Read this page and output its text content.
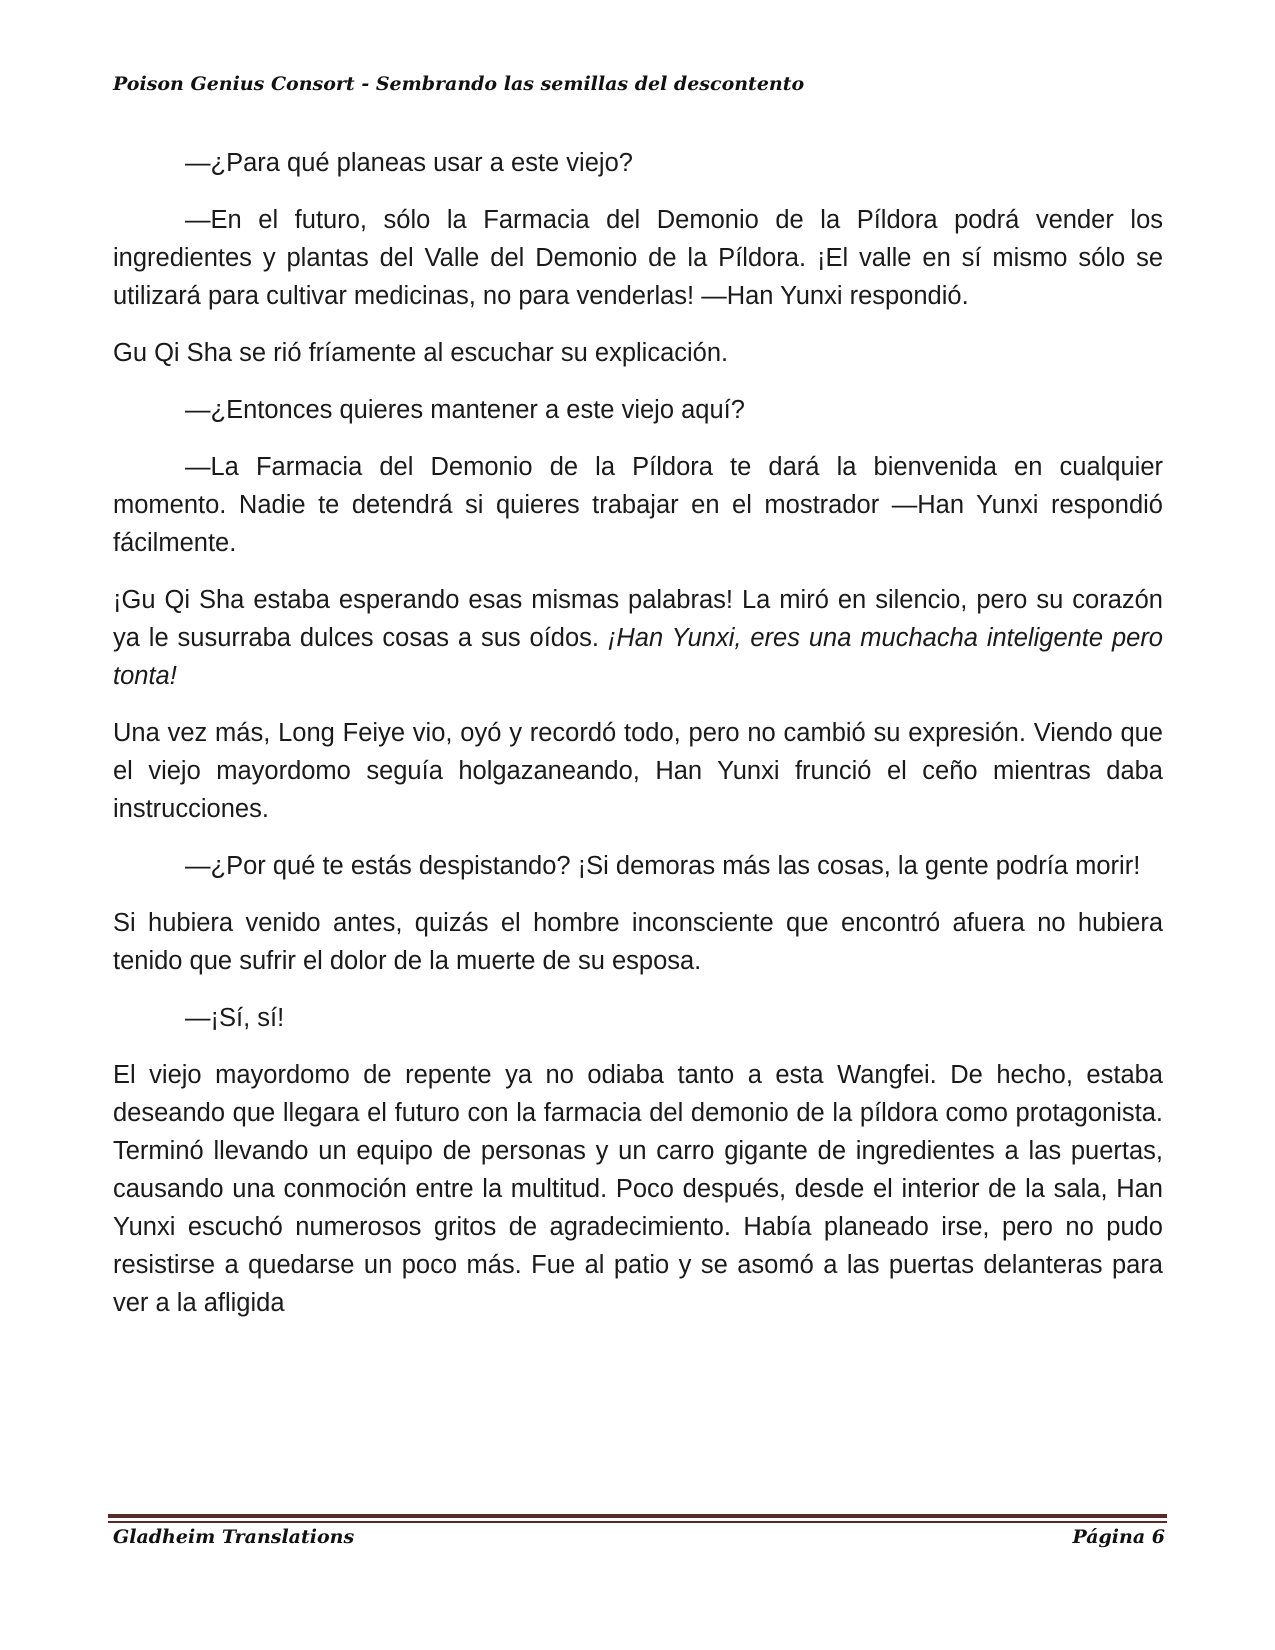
Poison Genius Consort - Sembrando las semillas del descontento

—¿Para qué planeas usar a este viejo?

—En el futuro, sólo la Farmacia del Demonio de la Píldora podrá vender los ingredientes y plantas del Valle del Demonio de la Píldora. ¡El valle en sí mismo sólo se utilizará para cultivar medicinas, no para venderlas! —Han Yunxi respondió.

Gu Qi Sha se rió fríamente al escuchar su explicación.

—¿Entonces quieres mantener a este viejo aquí?

—La Farmacia del Demonio de la Píldora te dará la bienvenida en cualquier momento. Nadie te detendrá si quieres trabajar en el mostrador —Han Yunxi respondió fácilmente.

¡Gu Qi Sha estaba esperando esas mismas palabras! La miró en silencio, pero su corazón ya le susurraba dulces cosas a sus oídos. ¡Han Yunxi, eres una muchacha inteligente pero tonta!

Una vez más, Long Feiye vio, oyó y recordó todo, pero no cambió su expresión. Viendo que el viejo mayordomo seguía holgazaneando, Han Yunxi frunció el ceño mientras daba instrucciones.

—¿Por qué te estás despistando? ¡Si demoras más las cosas, la gente podría morir!

Si hubiera venido antes, quizás el hombre inconsciente que encontró afuera no hubiera tenido que sufrir el dolor de la muerte de su esposa.

—¡Sí, sí!

El viejo mayordomo de repente ya no odiaba tanto a esta Wangfei. De hecho, estaba deseando que llegara el futuro con la farmacia del demonio de la píldora como protagonista. Terminó llevando un equipo de personas y un carro gigante de ingredientes a las puertas, causando una conmoción entre la multitud. Poco después, desde el interior de la sala, Han Yunxi escuchó numerosos gritos de agradecimiento. Había planeado irse, pero no pudo resistirse a quedarse un poco más. Fue al patio y se asomó a las puertas delanteras para ver a la afligida

Gladheim Translations	Página 6
